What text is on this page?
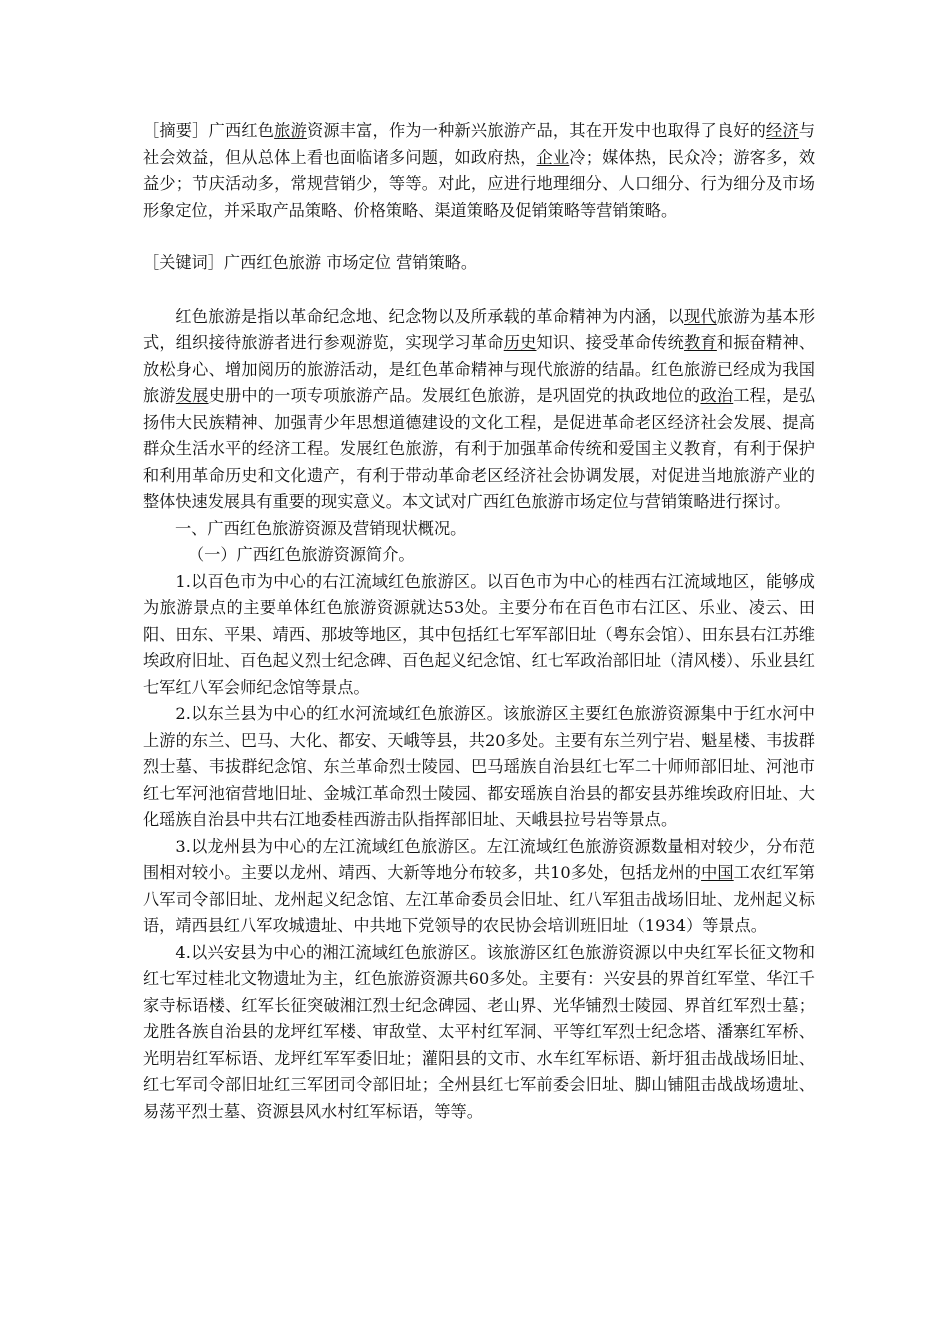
［摘要］广西红色旅游资源丰富，作为一种新兴旅游产品，其在开发中也取得了良好的经济与社会效益，但从总体上看也面临诸多问题，如政府热，企业冷；媒体热，民众冷；游客多，效益少；节庆活动多，常规营销少，等等。对此，应进行地理细分、人口细分、行为细分及市场形象定位，并采取产品策略、价格策略、渠道策略及促销策略等营销策略。

［关键词］广西红色旅游 市场定位 营销策略。

红色旅游是指以革命纪念地、纪念物以及所承载的革命精神为内涵，以现代旅游为基本形式，组织接待旅游者进行参观游览，实现学习革命历史知识、接受革命传统教育和振奋精神、放松身心、增加阅历的旅游活动，是红色革命精神与现代旅游的结晶。红色旅游已经成为我国旅游发展史册中的一项专项旅游产品。发展红色旅游，是巩固党的执政地位的政治工程，是弘扬伟大民族精神、加强青少年思想道德建设的文化工程，是促进革命老区经济社会发展、提高群众生活水平的经济工程。发展红色旅游，有利于加强革命传统和爱国主义教育，有利于保护和利用革命历史和文化遗产，有利于带动革命老区经济社会协调发展，对促进当地旅游产业的整体快速发展具有重要的现实意义。本文试对广西红色旅游市场定位与营销策略进行探讨。

一、广西红色旅游资源及营销现状概况。

（一）广西红色旅游资源简介。

1.以百色市为中心的右江流域红色旅游区。以百色市为中心的桂西右江流域地区，能够成为旅游景点的主要单体红色旅游资源就达53处。主要分布在百色市右江区、乐业、凌云、田阳、田东、平果、靖西、那坡等地区，其中包括红七军军部旧址（粤东会馆）、田东县右江苏维埃政府旧址、百色起义烈士纪念碑、百色起义纪念馆、红七军政治部旧址（清风楼）、乐业县红七军红八军会师纪念馆等景点。

2.以东兰县为中心的红水河流域红色旅游区。该旅游区主要红色旅游资源集中于红水河中上游的东兰、巴马、大化、都安、天峨等县，共20多处。主要有东兰列宁岩、魁星楼、韦拔群烈士墓、韦拔群纪念馆、东兰革命烈士陵园、巴马瑶族自治县红七军二十师师部旧址、河池市红七军河池宿营地旧址、金城江革命烈士陵园、都安瑶族自治县的都安县苏维埃政府旧址、大化瑶族自治县中共右江地委桂西游击队指挥部旧址、天峨县拉号岩等景点。

3.以龙州县为中心的左江流域红色旅游区。左江流域红色旅游资源数量相对较少，分布范围相对较小。主要以龙州、靖西、大新等地分布较多，共10多处，包括龙州的中国工农红军第八军司令部旧址、龙州起义纪念馆、左江革命委员会旧址、红八军狙击战场旧址、龙州起义标语，靖西县红八军攻城遗址、中共地下党领导的农民协会培训班旧址（1934）等景点。

4.以兴安县为中心的湘江流域红色旅游区。该旅游区红色旅游资源以中央红军长征文物和红七军过桂北文物遗址为主，红色旅游资源共60多处。主要有：兴安县的界首红军堂、华江千家寺标语楼、红军长征突破湘江烈士纪念碑园、老山界、光华铺烈士陵园、界首红军烈士墓；龙胜各族自治县的龙坪红军楼、审敌堂、太平村红军洞、平等红军烈士纪念塔、潘寨红军桥、光明岩红军标语、龙坪红军军委旧址；灌阳县的文市、水车红军标语、新圩狙击战战场旧址、红七军司令部旧址红三军团司令部旧址；全州县红七军前委会旧址、脚山铺阻击战战场遗址、易荡平烈士墓、资源县风水村红军标语，等等。
